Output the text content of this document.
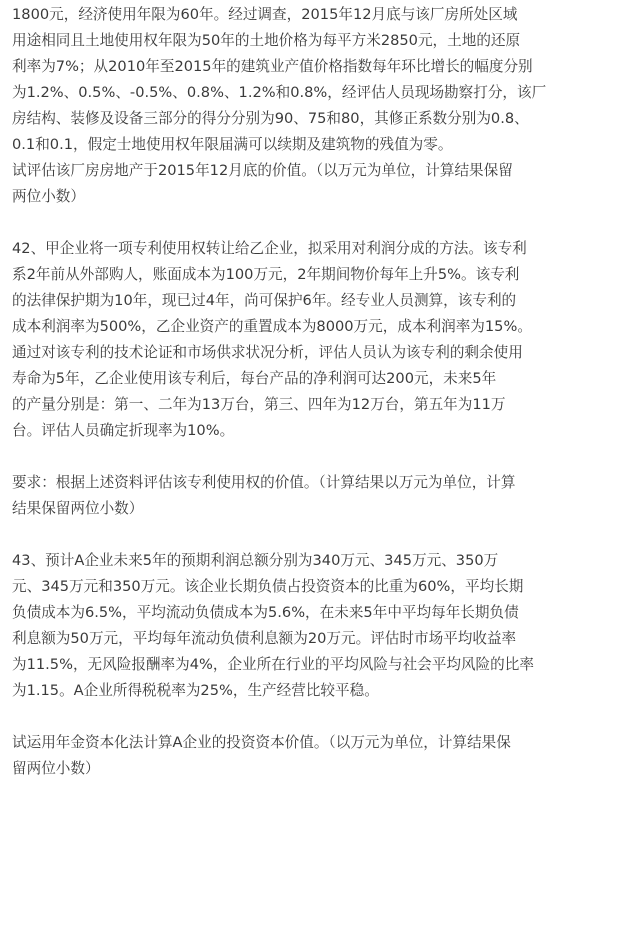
1800元，经济使用年限为60年。经过调查，2015年12月底与该厂房所处区域
用途相同且土地使用权年限为50年的土地价格为每平方米2850元，土地的还原
利率为7%；从2010年至2015年的建筑业产值价格指数每年环比增长的幅度分别
为1.2%、0.5%、-0.5%、0.8%、1.2%和0.8%，经评估人员现场勘察打分，该厂
房结构、装修及设备三部分的得分分别为90、75和80，其修正系数分别为0.8、
0.1和0.1，假定士地使用权年限届满可以续期及建筑物的残值为零。
试评估该厂房房地产于2015年12月底的价值。（以万元为单位，计算结果保留
两位小数）

42、甲企业将一项专利使用权转让给乙企业，拟采用对利润分成的方法。该专利
系2年前从外部购人，账面成本为100万元，2年期间物价每年上升5%。该专利
的法律保护期为10年，现已过4年，尚可保护6年。经专业人员测算，该专利的
成本利润率为500%，乙企业资产的重置成本为8000万元，成本利润率为15%。
通过对该专利的技术论证和市场供求状况分析，评估人员认为该专利的剩余使用
寿命为5年，乙企业使用该专利后，每台产品的净利润可达200元，未来5年
的产量分别是：第一、二年为13万台，第三、四年为12万台，第五年为11万
台。评估人员确定折现率为10%。

要求：根据上述资料评估该专利使用权的价值。（计算结果以万元为单位，计算
结果保留两位小数）

43、预计A企业未来5年的预期利润总额分别为340万元、345万元、350万
元、345万元和350万元。该企业长期负债占投资资本的比重为60%，平均长期
负债成本为6.5%，平均流动负债成本为5.6%，在未来5年中平均每年长期负债
利息额为50万元，平均每年流动负债利息额为20万元。评估时市场平均收益率
为11.5%，无风险报酬率为4%，企业所在行业的平均风险与社会平均风险的比率
为1.15。A企业所得税税率为25%，生产经营比较平稳。

试运用年金资本化法计算A企业的投资资本价值。（以万元为单位，计算结果保
留两位小数）
